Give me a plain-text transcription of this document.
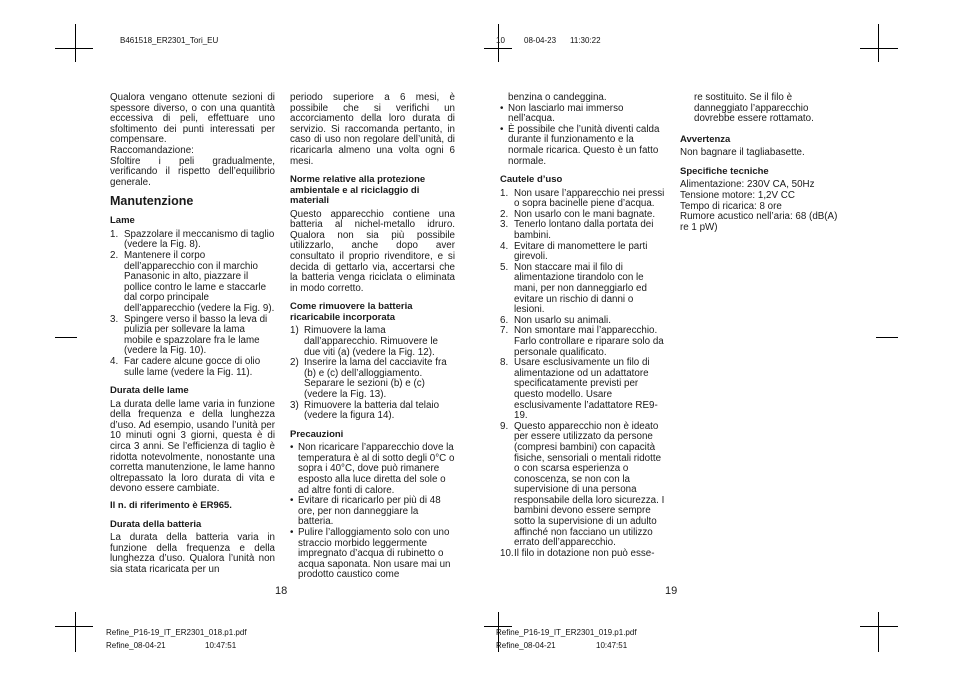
B461518_ER2301_Tori_EU	10 08-04-23 11:30:22
Refine_P16-19_IT_ER2301_018.p1.pdf
Refine_08-04-21	10:47:51
Refine_P16-19_IT_ER2301_019.p1.pdf
Refine_08-04-21	10:47:51
18	19

Qualora vengano ottenute sezioni di spessore diverso, o con una quantità eccessiva di peli, effettuare uno sfoltimento dei punti interessati per compensare.

Raccomandazione:

Sfoltire i peli gradualmente, verificando il rispetto dell’equilibrio generale.

Manutenzione
Lame
1. Spazzolare il meccanismo di taglio (vedere la Fig. 8).
2. Mantenere il corpo dell’apparecchio con il marchio Panasonic in alto, piazzare il pollice contro le lame e staccarle dal corpo principale dell’apparecchio (vedere la Fig. 9).
3. Spingere verso il basso la leva di pulizia per sollevare la lama mobile e spazzolare fra le lame (vedere la Fig. 10).
4. Far cadere alcune gocce di olio sulle lame (vedere la Fig. 11).
Durata delle lame

La durata delle lame varia in funzione della frequenza e della lunghezza d’uso. Ad esempio, usando l’unità per 10 minuti ogni 3 giorni, questa è di circa 3 anni. Se l’efficienza di taglio è ridotta notevolmente, nonostante una corretta manutenzione, le lame hanno oltrepassato la loro durata di vita e devono essere cambiate.

Il n. di riferimento è ER965.
Durata della batteria

La durata della batteria varia in funzione della frequenza e della lunghezza d’uso. Qualora l’unità non sia stata ricaricata per un

periodo superiore a 6 mesi, è possibile che si verifichi un accorciamento della loro durata di servizio. Si raccomanda pertanto, in caso di uso non regolare dell’unità, di ricaricarla almeno una volta ogni 6 mesi.

Norme relative alla protezione ambientale e al riciclaggio di materiali

Questo apparecchio contiene una batteria al nichel-metallo idruro. Qualora non sia più possibile utilizzarlo, anche dopo aver consultato il proprio rivenditore, e si decida di gettarlo via, accertarsi che la batteria venga riciclata o eliminata in modo corretto.

Come rimuovere la batteria ricaricabile incorporata
1) Rimuovere la lama dall’apparecchio. Rimuovere le due viti (a) (vedere la Fig. 12).
2) Inserire la lama del cacciavite fra (b) e (c) dell’alloggiamento. Separare le sezioni (b) e (c) (vedere la Fig. 13).
3) Rimuovere la batteria dal telaio (vedere la figura 14).
Precauzioni
• Non ricaricare l’apparecchio dove la temperatura è al di sotto degli 0°C o sopra i 40°C, dove può rimanere esposto alla luce diretta del sole o ad altre fonti di calore.
• Evitare di ricaricarlo per più di 48 ore, per non danneggiare la batteria.
• Pulire l’alloggiamento solo con uno straccio morbido leggermente impregnato d’acqua di rubinetto o acqua saponata. Non usare mai un prodotto caustico come

benzina o candeggina.

• Non lasciarlo mai immerso nell’acqua.
• È possibile che l’unità diventi calda durante il funzionamento e la normale ricarica. Questo è un fatto normale.
Cautele d’uso
1. Non usare l’apparecchio nei pressi o sopra bacinelle piene d’acqua.
2. Non usarlo con le mani bagnate.
3. Tenerlo lontano dalla portata dei bambini.
4. Evitare di manomettere le parti girevoli.
5. Non staccare mai il filo di alimentazione tirandolo con le mani, per non danneggiarlo ed evitare un rischio di danni o lesioni.
6. Non usarlo su animali.
7. Non smontare mai l’apparecchio. Farlo controllare e riparare solo da personale qualificato.
8. Usare esclusivamente un filo di alimentazione od un adattatore specificatamente previsti per questo modello. Usare esclusivamente l’adattatore RE9-19.
9. Questo apparecchio non è ideato per essere utilizzato da persone (compresi bambini) con capacità fisiche, sensoriali o mentali ridotte o con scarsa esperienza o conoscenza, se non con la supervisione di una persona responsabile della loro sicurezza. I bambini devono essere sempre sotto la supervisione di un adulto affinché non facciano un utilizzo errato dell’apparecchio.
10. Il filo in dotazione non può esse-

re sostituito. Se il filo è danneggiato l’apparecchio dovrebbe essere rottamato.

Avvertenza

Non bagnare il tagliabasette.

Specifiche tecniche

Alimentazione: 230V CA, 50Hz

Tensione motore: 1,2V CC

Tempo di ricarica: 8 ore

Rumore acustico nell’aria: 68 (dB(A) re 1 pW)
